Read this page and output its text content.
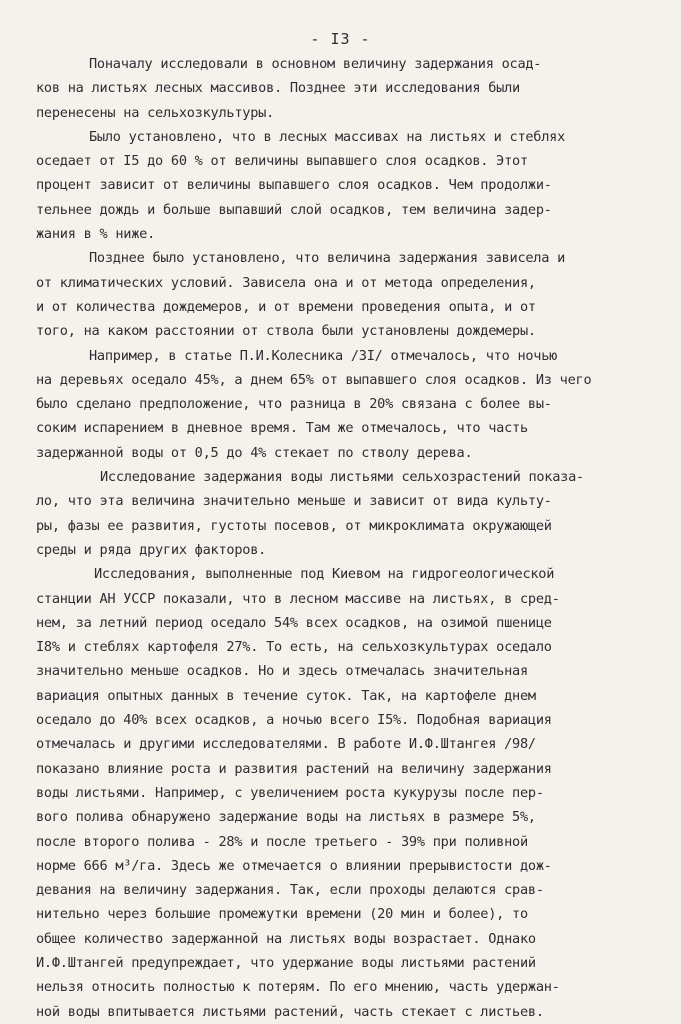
- I3 -
Поначалу исследовали в основном величину задержания осад-
ков на листьях лесных массивов. Позднее эти исследования были
перенесены на сельхозкультуры.
Было установлено, что в лесных массивах на листьях и стеблях
оседает от I5 до 60 % от величины выпавшего слоя осадков. Этот
процент зависит от величины выпавшего слоя осадков. Чем продолжи-
тельнее дождь и больше выпавший слой осадков, тем величина задер-
жания в % ниже.
Позднее было установлено, что величина задержания зависела и
от климатических условий. Зависела она и от метода определения,
и от количества дождемеров, и от времени проведения опыта, и от
того, на каком расстоянии от ствола были установлены дождемеры.
Например, в статье П.И.Колесника /3I/ отмечалось, что ночью
на деревьях оседало 45%, а днем 65% от выпавшего слоя осадков. Из чего
было сделано предположение, что разница в 20% связана с более вы-
соким испарением в дневное время. Там же отмечалось, что часть
задержанной воды от 0,5 до 4% стекает по стволу дерева.
Исследование задержания воды листьями сельхозрастений показа-
ло, что эта величина значительно меньше и зависит от вида культу-
ры, фазы ее развития, густоты посевов, от микроклимата окружающей
среды и ряда других факторов.
Исследования, выполненные под Киевом на гидрогеологической
станции АН УССР показали, что в лесном массиве на листьях, в сред-
нем, за летний период оседало 54% всех осадков, на озимой пшенице
I8% и стеблях картофеля 27%. То есть, на сельхозкультурах оседало
значительно меньше осадков. Но и здесь отмечалась значительная
вариация опытных данных в течение суток. Так, на картофеле днем
оседало до 40% всех осадков, а ночью всего I5%. Подобная вариация
отмечалась и другими исследователями. В работе И.Ф.Штангея /98/
показано влияние роста и развития растений на величину задержания
воды листьями. Например, с увеличением роста кукурузы после пер-
вого полива обнаружено задержание воды на листьях в размере 5%,
после второго полива - 28% и после третьего - 39% при поливной
норме 666 м³/га. Здесь же отмечается о влиянии прерывистости дож-
девания на величину задержания. Так, если проходы делаются срав-
нительно через большие промежутки времени (20 мин и более), то
общее количество задержанной на листьях воды возрастает. Однако
И.Ф.Штангей предупреждает, что удержание воды листьями растений
нельзя относить полностью к потерям. По его мнению, часть удержан-
ной воды впитывается листьями растений, часть стекает с листьев.
